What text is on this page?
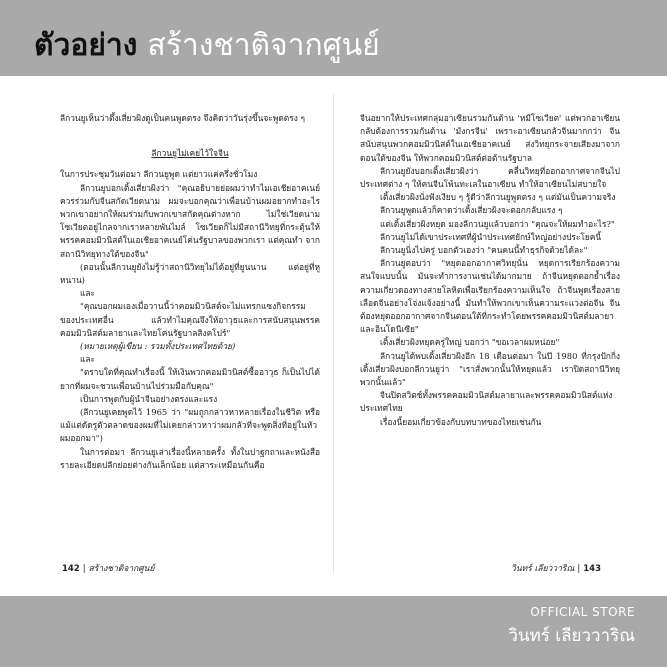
ตัวอย่าง สร้างชาติจากศูนย์

ลีกวนยูเห็นว่าตึ้งเสี่ยวผิงดูเป็นคนพูดตรง จึงคิดว่าวันรุ่งขึ้นจะพูดตรง ๆ

ลีกวนยูไม่เคยไว้ใจจีน

ในการประชุมวันต่อมา ลีกวนยูพูด แต่ยาวแค่ครึ่งชั่วโมง

ลีกวนยูบอกเติ้งเสี่ยวผิงว่า "คุณอธิบายย่อผมว่าทำไมเอเชียอาคเนย์ควรร่วมกับจีนสกัดเวียดนาม ผมจะบอกคุณว่าเพื่อนบ้านผมอยากทำอะไร พวกเขาอยากให้ผมร่วมกับพวกเขาสกัดคุณต่างหาก ไม่ใช่เวียดนาม โซเวียตอยู่ไกลจากเราหลายพันไมล์ โซเวียตก็ไม่มีสถานีวิทยุที่กระตุ้นให้พรรคคอมมิวนิสต์ในเอเชียอาคเนย์โค่นรัฐบาลของพวกเรา แต่คุณทำ จากสถานีวิทยุทางใต้ของจีน"

(ตอนนั้นลีกวนยูยังไม่รู้ว่าสถานีวิทยุไม่ได้อยู่ที่ยูนนาน แต่อยู่ที่หูหนาน)

และ

"คุณบอกผมเองเมื่อวานนี้ว่าคอมมิวนิสต์จะไม่แทรกแซงกิจกรรมของประเทศอื่น แล้วทำไมคุณจึงให้อาวุธและการสนับสนุนพรรคคอมมิวนิสต์มลายาและไทยโค่นรัฐบาลสิงคโปร์"

(หมายเหตุผู้เขียน : รวมทั้งประเทศไทยด้วย)

และ

"ตราบใดที่คุณทำเรื่องนี้ ให้เงินพวกคอมมิวนิสต์ซื้ออาวุธ ก็เป็นไปได้ยากที่ผมจะชวนเพื่อนบ้านไปร่วมมือกับคุณ"

เป็นการพูดกับผู้นำจีนอย่างตรงและแรง

(ลีกวนยูเคยพูดไว้ 1965 ว่า "ผมถูกกล่าวหาหลายเรื่องในชีวิต หรือแม้แต่ดัดรูตัวตลาดของผมที่ไม่เคยกล่าวหาว่าผมกลัวที่จะพูดสิ่งที่อยู่ในหัวผมออกมา")

ในการต่อมา ลีกวนยูเล่าเรื่องนี้หลายครั้ง ทั้งในปาฐกถาและหนังสือ รายละเอียดปลีกย่อยต่างกันเล็กน้อย แต่สาระเหมือนกันคือ

จีนอยากให้ประเทศกลุ่มอาเซียนรวมกันต้าน 'หมีโซเวียต' แต่พวกอาเซียนกลับต้องการรวมกันต้าน 'มังกรจีน' เพราะอาเซียนกลัวจีนมากกว่า จีนสนับสนุนพวกคอมมิวนิสต์ในเอเชียอาคเนย์ ส่งวิทยุกระจายเสียงมาจากดอนใต้ของจีน ให้พวกคอมมิวนิสต์ต่อต้านรัฐบาล

ลีกวนยูยังบอกเติ้งเสี่ยวผิงว่า คลื่นวิทยุที่ออกอากาศจากจีนไปประเทศต่าง ๆ ให้คนจีนโพ้นทะเลในอาเซียน ทำให้อาเซียนไม่สบายใจ

เติ้งเสี่ยวผิงนั่งฟังเงียบ ๆ รู้ดีว่าลีกวนยูพูดตรง ๆ แต่มันเป็นความจริง

ลีกวนยูพูดแล้วก็คาดว่าเติ้งเสี่ยวผิงจะตอกกลับแรง ๆ

แต่เติ้งเสี่ยวผิงหยุด มองลีกวนยูแล้วบอกว่า "คุณจะให้ผมทำอะไร?"

ลีกวนยูไม่ได้เขาประเทศที่ผู้นำประเทศยักษ์ใหญ่อย่างประโยคนี้

ลีกวนยูนิ่งไปครู่ บอกตัวเองว่า "คนคนนี้ทำธุรกิจด้วยได้ละ"

ลีกวนยูตอบว่า "หยุดออกอากาศวิทยุนั่น หยุดการเรียกร้องความสนใจแบบนั้น มันจะทำการงานเช่นได้มากมาย ถ้าจีนหยุดตอกย้ำเรื่องความเกี่ยวดองทางสายโลหิตเพื่อเรียกร้องความเห็นใจ ถ้าจีนพูดเรื่องสายเลือดจีนอย่างโจ่งแจ้งอย่างนี้ มันทำให้พวกเขาเห็นความระแวงต่อจีน จีนต้องหยุดออกอากาศจากจีนตอนใต้ที่กระทำโดยพรรคคอมมิวนิสต์มลายาและอินโดนีเซีย"

เติ้งเสี่ยวผิงหยุดครู่ใหญ่ บอกว่า "ขอเวลาผมหน่อย"

ลีกวนยูได้พบเติ้งเสี่ยวผิงอีก 18 เดือนต่อมา ในปี 1980 ที่กรุงปักกิ่ง เติ้งเสี่ยวผิงบอกลีกวนยูว่า "เราสั่งพวกนั้นให้หยุดแล้ว เราปิดสถานีวิทยุพวกนั้นแล้ว"

จีนปิดสวิตช์ทั้งพรรคคอมมิวนิสต์มลายาและพรรคคอมมิวนิสต์แห่งประเทศไทย

เรื่องนี้ยอมเกี่ยวข้องกับบทบาทของไทยเช่นกัน

142 | สร้างชาติจากศูนย์	วินทร์ เลียววาริณ | 143
OFFICIAL STORE
วินทร์ เลียววาริณ
